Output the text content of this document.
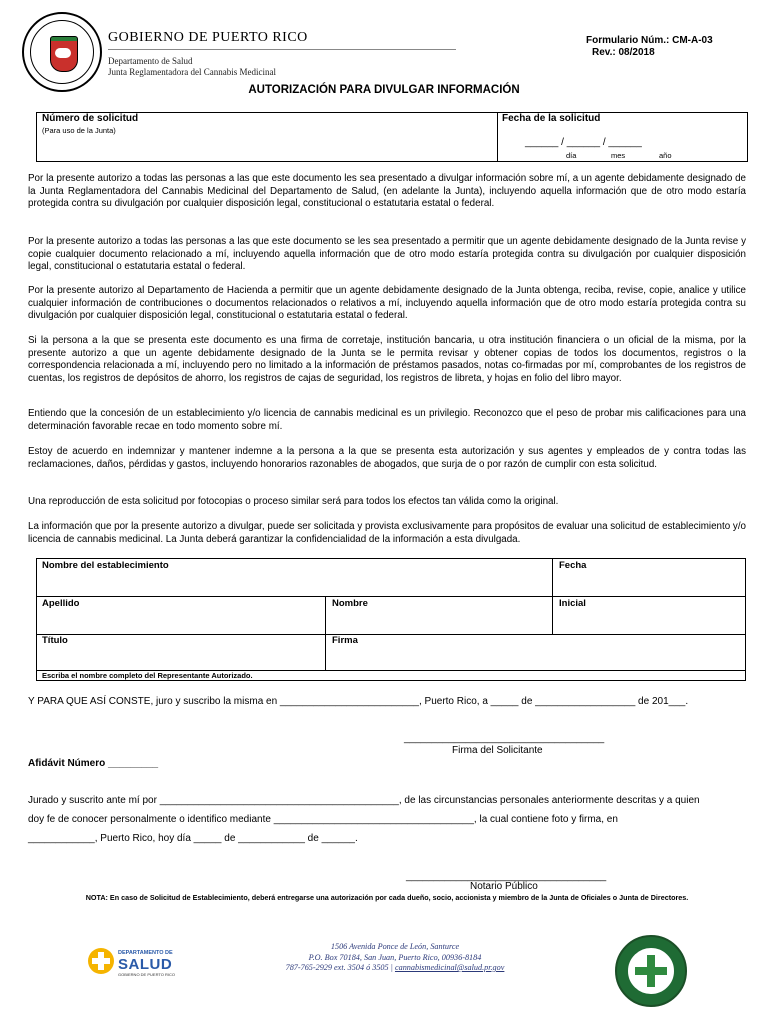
GOBIERNO DE PUERTO RICO
Departamento de Salud
Junta Reglamentadora del Cannabis Medicinal
Formulario Núm.: CM-A-03
Rev.: 08/2018
AUTORIZACIÓN PARA DIVULGAR INFORMACIÓN
Número de solicitud
(Para uso de la Junta)
Fecha de la solicitud
______ / ______ / ______
día	mes	año

Por la presente autorizo a todas las personas a las que este documento les sea presentado a divulgar información sobre mí, a un agente debidamente designado de la Junta Reglamentadora del Cannabis Medicinal del Departamento de Salud, (en adelante la Junta), incluyendo aquella información que de otro modo estaría protegida contra su divulgación por cualquier disposición legal, constitucional o estatutaria estatal o federal.

Por la presente autorizo a todas las personas a las que este documento se les sea presentado a permitir que un agente debidamente designado de la Junta revise y copie cualquier documento relacionado a mí, incluyendo aquella información que de otro modo estaría protegida contra su divulgación por cualquier disposición legal, constitucional o estatutaria estatal o federal.

Por la presente autorizo al Departamento de Hacienda a permitir que un agente debidamente designado de la Junta obtenga, reciba, revise, copie, analice y utilice cualquier información de contribuciones o documentos relacionados o relativos a mí, incluyendo aquella información que de otro modo estaría protegida contra su divulgación por cualquier disposición legal, constitucional o estatutaria estatal o federal.

Si la persona a la que se presenta este documento es una firma de corretaje, institución bancaria, u otra institución financiera o un oficial de la misma, por la presente autorizo a que un agente debidamente designado de la Junta se le permita revisar y obtener copias de todos los documentos, registros o la correspondencia relacionada a mí, incluyendo pero no limitado a la información de préstamos pasados, notas co-firmadas por mí, comprobantes de los registros de cuentas, los registros de depósitos de ahorro, los registros de cajas de seguridad, los registros de libreta, y hojas en folio del libro mayor.

Entiendo que la concesión de un establecimiento y/o licencia de cannabis medicinal es un privilegio. Reconozco que el peso de probar mis calificaciones para una determinación favorable recae en todo momento sobre mí.

Estoy de acuerdo en indemnizar y mantener indemne a la persona a la que se presenta esta autorización y sus agentes y empleados de y contra todas las reclamaciones, daños, pérdidas y gastos, incluyendo honorarios razonables de abogados, que surja de o por razón de cumplir con esta solicitud.

Una reproducción de esta solicitud por fotocopias o proceso similar será para todos los efectos tan válida como la original.

La información que por la presente autorizo a divulgar, puede ser solicitada y provista exclusivamente para propósitos de evaluar una solicitud de establecimiento y/o licencia de cannabis medicinal. La Junta deberá garantizar la confidencialidad de la información a esta divulgada.

Nombre del establecimiento	Fecha
Apellido	Nombre	Inicial
Título	Firma
Escriba el nombre completo del Representante Autorizado.
Y PARA QUE ASÍ CONSTE, juro y suscribo la misma en _________________________, Puerto Rico, a _____ de __________________ de 201___.
____________________________________
Firma del Solicitante
Afidávit Número _________
Jurado y suscrito ante mí por ___________________________________________, de las circunstancias personales anteriormente descritas y a quien
doy fe de conocer personalmente o identifico mediante ____________________________________, la cual contiene foto y firma, en
____________, Puerto Rico, hoy día _____ de ____________ de ______.
____________________________________
Notario Público
NOTA: En caso de Solicitud de Establecimiento, deberá entregarse una autorización por cada dueño, socio, accionista y miembro de la Junta de Oficiales o Junta de Directores.
DEPARTAMENTO DE
SALUD
GOBIERNO DE PUERTO RICO
1506 Avenida Ponce de León, Santurce
P.O. Box 70184, San Juan, Puerto Rico, 00936-8184
787-765-2929 ext. 3504 ó 3505 | cannabismedicinal@salud.pr.gov
